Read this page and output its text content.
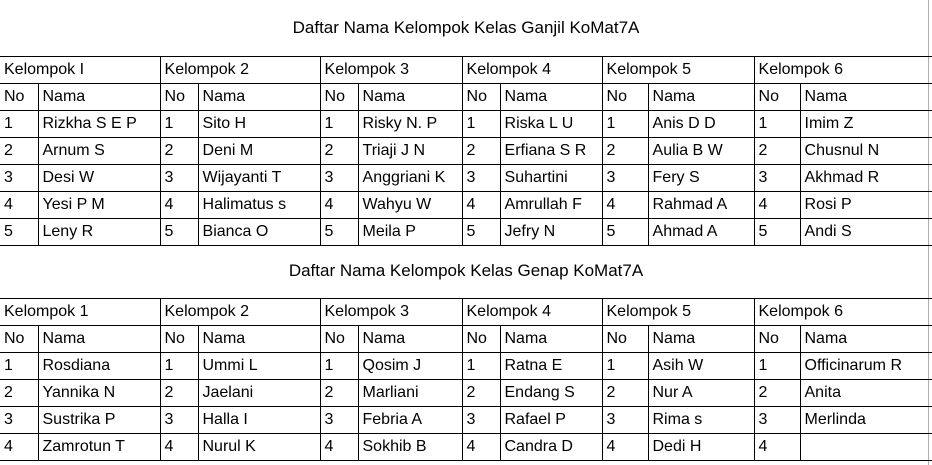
Daftar Nama Kelompok Kelas Ganjil KoMat7A
Kelompok I		Kelompok 2		Kelompok 3		Kelompok 4		Kelompok 5		Kelompok 6	
No	Nama	No	Nama	No	Nama	No	Nama	No	Nama	No	Nama
1	Rizkha S E P	1	Sito H	1	Risky N. P	1	Riska L U	1	Anis D D	1	Imim Z
2	Arnum S	2	Deni M	2	Triaji J N	2	Erfiana S R	2	Aulia B W	2	Chusnul N
3	Desi W	3	Wijayanti T	3	Anggriani K	3	Suhartini	3	Fery S	3	Akhmad R
4	Yesi P M	4	Halimatus s	4	Wahyu W	4	Amrullah F	4	Rahmad A	4	Rosi P
5	Leny R	5	Bianca O	5	Meila P	5	Jefry N	5	Ahmad A	5	Andi S
Daftar Nama Kelompok Kelas Genap KoMat7A
Kelompok 1		Kelompok 2		Kelompok 3		Kelompok 4		Kelompok 5		Kelompok 6	
No	Nama	No	Nama	No	Nama	No	Nama	No	Nama	No	Nama
1	Rosdiana	1	Ummi L	1	Qosim J	1	Ratna E	1	Asih W	1	Officinarum R
2	Yannika N	2	Jaelani	2	Marliani	2	Endang S	2	Nur A	2	Anita
3	Sustrika P	3	Halla I	3	Febria A	3	Rafael P	3	Rima s	3	Merlinda
4	Zamrotun T	4	Nurul K	4	Sokhib B	4	Candra D	4	Dedi H	4	
